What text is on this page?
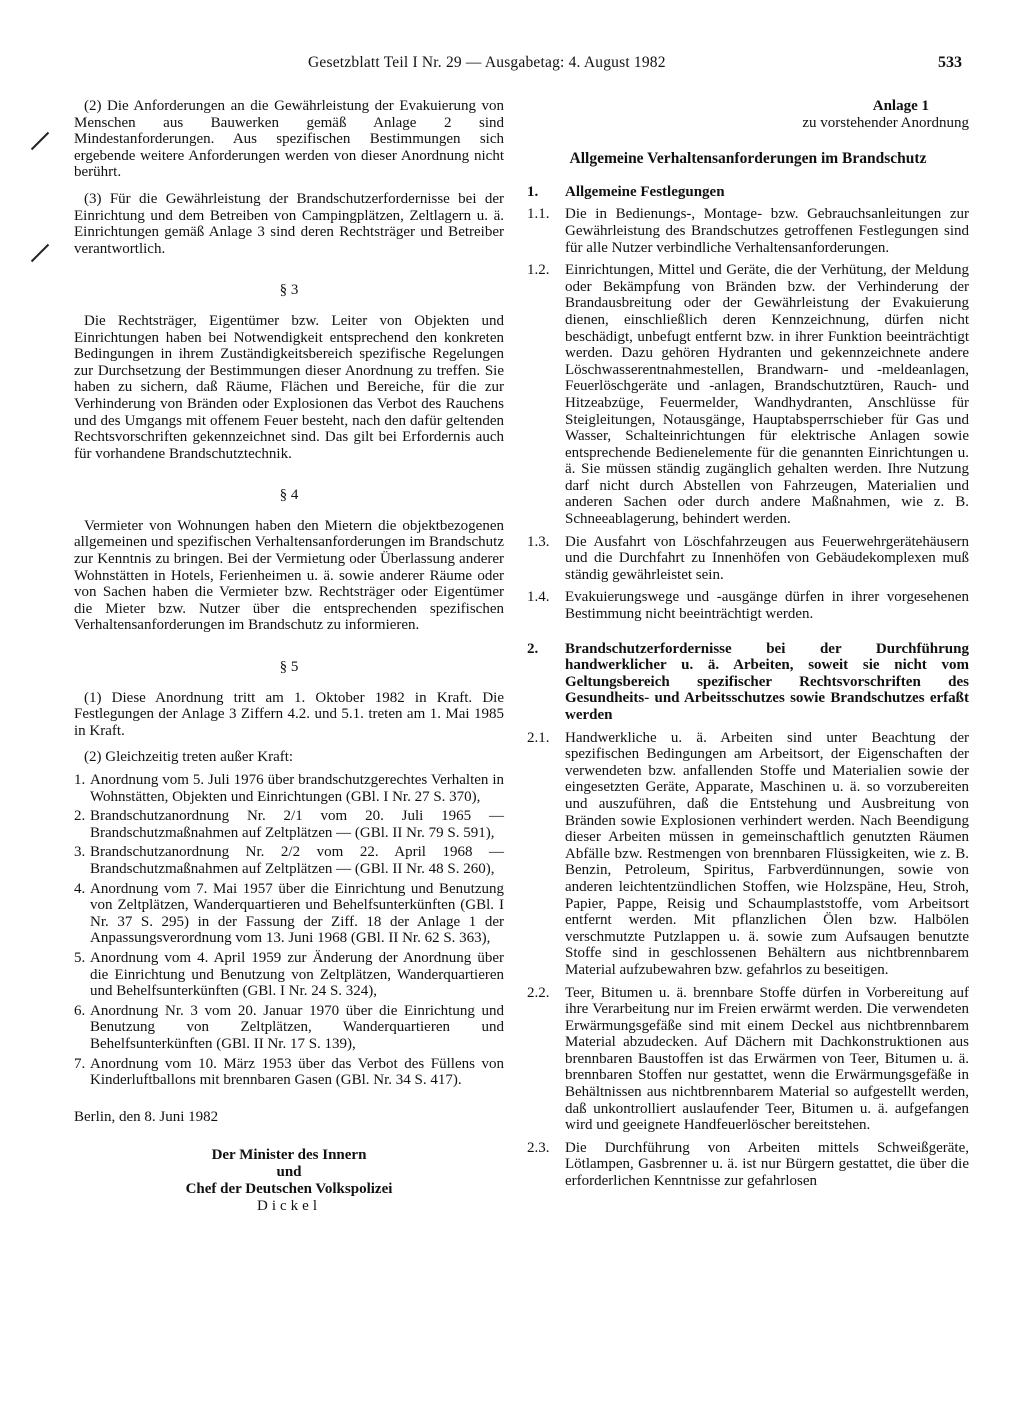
Gesetzblatt Teil I Nr. 29 — Ausgabetag: 4. August 1982	533

(2) Die Anforderungen an die Gewährleistung der Evakuierung von Menschen aus Bauwerken gemäß Anlage 2 sind Mindestanforderungen. Aus spezifischen Bestimmungen sich ergebende weitere Anforderungen werden von dieser Anordnung nicht berührt.

(3) Für die Gewährleistung der Brandschutzerfordernisse bei der Einrichtung und dem Betreiben von Campingplätzen, Zeltlagern u. ä. Einrichtungen gemäß Anlage 3 sind deren Rechtsträger und Betreiber verantwortlich.

§ 3

Die Rechtsträger, Eigentümer bzw. Leiter von Objekten und Einrichtungen haben bei Notwendigkeit entsprechend den konkreten Bedingungen in ihrem Zuständigkeitsbereich spezifische Regelungen zur Durchsetzung der Bestimmungen dieser Anordnung zu treffen. Sie haben zu sichern, daß Räume, Flächen und Bereiche, für die zur Verhinderung von Bränden oder Explosionen das Verbot des Rauchens und des Umgangs mit offenem Feuer besteht, nach den dafür geltenden Rechtsvorschriften gekennzeichnet sind. Das gilt bei Erfordernis auch für vorhandene Brandschutztechnik.

§ 4

Vermieter von Wohnungen haben den Mietern die objektbezogenen allgemeinen und spezifischen Verhaltensanforderungen im Brandschutz zur Kenntnis zu bringen. Bei der Vermietung oder Überlassung anderer Wohnstätten in Hotels, Ferienheimen u. ä. sowie anderer Räume oder von Sachen haben die Vermieter bzw. Rechtsträger oder Eigentümer die Mieter bzw. Nutzer über die entsprechenden spezifischen Verhaltensanforderungen im Brandschutz zu informieren.

§ 5

(1) Diese Anordnung tritt am 1. Oktober 1982 in Kraft. Die Festlegungen der Anlage 3 Ziffern 4.2. und 5.1. treten am 1. Mai 1985 in Kraft.

(2) Gleichzeitig treten außer Kraft:

1. Anordnung vom 5. Juli 1976 über brandschutzgerechtes Verhalten in Wohnstätten, Objekten und Einrichtungen (GBl. I Nr. 27 S. 370),
2. Brandschutzanordnung Nr. 2/1 vom 20. Juli 1965 — Brandschutzmaßnahmen auf Zeltplätzen — (GBl. II Nr. 79 S. 591),
3. Brandschutzanordnung Nr. 2/2 vom 22. April 1968 — Brandschutzmaßnahmen auf Zeltplätzen — (GBl. II Nr. 48 S. 260),
4. Anordnung vom 7. Mai 1957 über die Einrichtung und Benutzung von Zeltplätzen, Wanderquartieren und Behelfsunterkünften (GBl. I Nr. 37 S. 295) in der Fassung der Ziff. 18 der Anlage 1 der Anpassungsverordnung vom 13. Juni 1968 (GBl. II Nr. 62 S. 363),
5. Anordnung vom 4. April 1959 zur Änderung der Anordnung über die Einrichtung und Benutzung von Zeltplätzen, Wanderquartieren und Behelfsunterkünften (GBl. I Nr. 24 S. 324),
6. Anordnung Nr. 3 vom 20. Januar 1970 über die Einrichtung und Benutzung von Zeltplätzen, Wanderquartieren und Behelfsunterkünften (GBl. II Nr. 17 S. 139),
7. Anordnung vom 10. März 1953 über das Verbot des Füllens von Kinderluftballons mit brennbaren Gasen (GBl. Nr. 34 S. 417).
Berlin, den 8. Juni 1982
Der Minister des Innern
und
Chef der Deutschen Volkspolizei
Dickel
Anlage 1
zu vorstehender Anordnung
Allgemeine Verhaltensanforderungen im Brandschutz
1.	Allgemeine Festlegungen
1.1.	Die in Bedienungs-, Montage- bzw. Gebrauchsanleitungen zur Gewährleistung des Brandschutzes getroffenen Festlegungen sind für alle Nutzer verbindliche Verhaltensanforderungen.
1.2.	Einrichtungen, Mittel und Geräte, die der Verhütung, der Meldung oder Bekämpfung von Bränden bzw. der Verhinderung der Brandausbreitung oder der Gewährleistung der Evakuierung dienen, einschließlich deren Kennzeichnung, dürfen nicht beschädigt, unbefugt entfernt bzw. in ihrer Funktion beeinträchtigt werden. Dazu gehören Hydranten und gekennzeichnete andere Löschwasserentnahmestellen, Brandwarn- und -meldeanlagen, Feuerlöschgeräte und -anlagen, Brandschutztüren, Rauch- und Hitzeabzüge, Feuermelder, Wandhydranten, Anschlüsse für Steigleitungen, Notausgänge, Hauptabsperrschieber für Gas und Wasser, Schalteinrichtungen für elektrische Anlagen sowie entsprechende Bedienelemente für die genannten Einrichtungen u. ä. Sie müssen ständig zugänglich gehalten werden. Ihre Nutzung darf nicht durch Abstellen von Fahrzeugen, Materialien und anderen Sachen oder durch andere Maßnahmen, wie z. B. Schneeablagerung, behindert werden.
1.3.	Die Ausfahrt von Löschfahrzeugen aus Feuerwehrgerätehäusern und die Durchfahrt zu Innenhöfen von Gebäudekomplexen muß ständig gewährleistet sein.
1.4.	Evakuierungswege und -ausgänge dürfen in ihrer vorgesehenen Bestimmung nicht beeinträchtigt werden.
2.	Brandschutzerfordernisse bei der Durchführung handwerklicher u. ä. Arbeiten, soweit sie nicht vom Geltungsbereich spezifischer Rechtsvorschriften des Gesundheits- und Arbeitsschutzes sowie Brandschutzes erfaßt werden
2.1.	Handwerkliche u. ä. Arbeiten sind unter Beachtung der spezifischen Bedingungen am Arbeitsort, der Eigenschaften der verwendeten bzw. anfallenden Stoffe und Materialien sowie der eingesetzten Geräte, Apparate, Maschinen u. ä. so vorzubereiten und auszuführen, daß die Entstehung und Ausbreitung von Bränden sowie Explosionen verhindert werden. Nach Beendigung dieser Arbeiten müssen in gemeinschaftlich genutzten Räumen Abfälle bzw. Restmengen von brennbaren Flüssigkeiten, wie z. B. Benzin, Petroleum, Spiritus, Farbverdünnungen, sowie von anderen leichtentzündlichen Stoffen, wie Holzspäne, Heu, Stroh, Papier, Pappe, Reisig und Schaumplaststoffe, vom Arbeitsort entfernt werden. Mit pflanzlichen Ölen bzw. Halbölen verschmutzte Putzlappen u. ä. sowie zum Aufsaugen benutzte Stoffe sind in geschlossenen Behältern aus nichtbrennbarem Material aufzubewahren bzw. gefahrlos zu beseitigen.
2.2.	Teer, Bitumen u. ä. brennbare Stoffe dürfen in Vorbereitung auf ihre Verarbeitung nur im Freien erwärmt werden. Die verwendeten Erwärmungsgefäße sind mit einem Deckel aus nichtbrennbarem Material abzudecken. Auf Dächern mit Dachkonstruktionen aus brennbaren Baustoffen ist das Erwärmen von Teer, Bitumen u. ä. brennbaren Stoffen nur gestattet, wenn die Erwärmungsgefäße in Behältnissen aus nichtbrennbarem Material so aufgestellt werden, daß unkontrolliert auslaufender Teer, Bitumen u. ä. aufgefangen wird und geeignete Handfeuerlöscher bereitstehen.
2.3.	Die Durchführung von Arbeiten mittels Schweißgeräte, Lötlampen, Gasbrenner u. ä. ist nur Bürgern gestattet, die über die erforderlichen Kenntnisse zur gefahrlosen
